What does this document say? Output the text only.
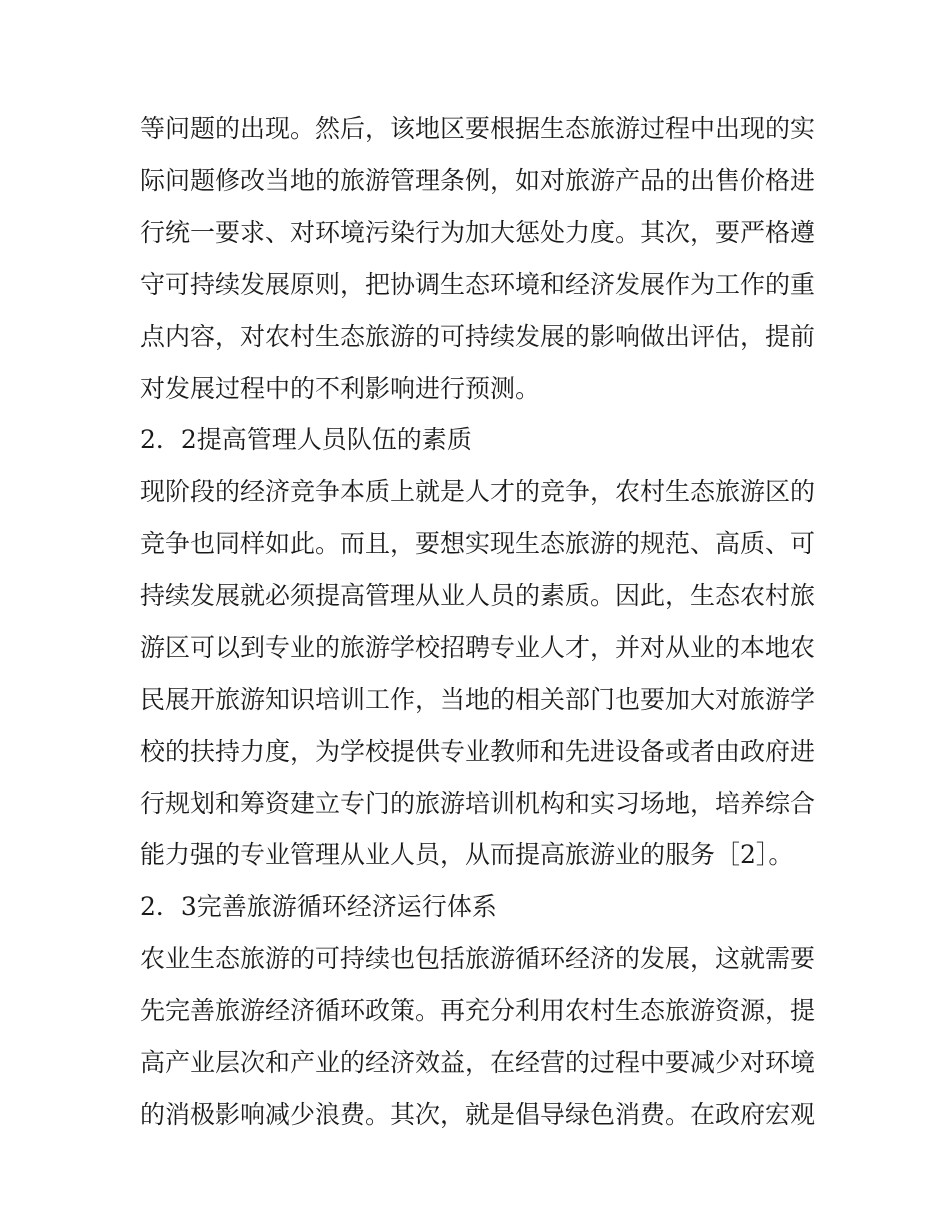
等问题的出现。然后，该地区要根据生态旅游过程中出现的实
际问题修改当地的旅游管理条例，如对旅游产品的出售价格进
行统一要求、对环境污染行为加大惩处力度。其次，要严格遵
守可持续发展原则，把协调生态环境和经济发展作为工作的重
点内容，对农村生态旅游的可持续发展的影响做出评估，提前
对发展过程中的不利影响进行预测。
2．2提高管理人员队伍的素质
现阶段的经济竞争本质上就是人才的竞争，农村生态旅游区的
竞争也同样如此。而且，要想实现生态旅游的规范、高质、可
持续发展就必须提高管理从业人员的素质。因此，生态农村旅
游区可以到专业的旅游学校招聘专业人才，并对从业的本地农
民展开旅游知识培训工作，当地的相关部门也要加大对旅游学
校的扶持力度，为学校提供专业教师和先进设备或者由政府进
行规划和筹资建立专门的旅游培训机构和实习场地，培养综合
能力强的专业管理从业人员，从而提高旅游业的服务［2］。
2．3完善旅游循环经济运行体系
农业生态旅游的可持续也包括旅游循环经济的发展，这就需要
先完善旅游经济循环政策。再充分利用农村生态旅游资源，提
高产业层次和产业的经济效益，在经营的过程中要减少对环境
的消极影响减少浪费。其次，就是倡导绿色消费。在政府宏观
